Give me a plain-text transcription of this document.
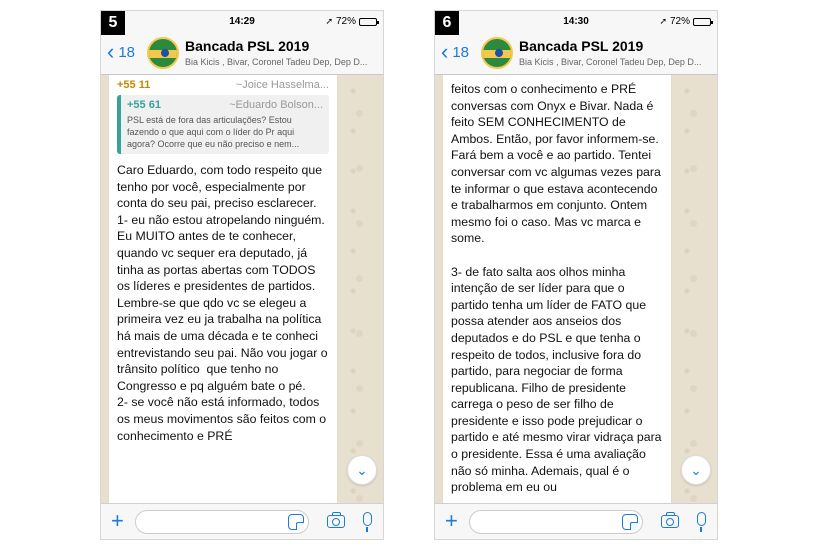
5	14:29	➚ 72%
‹ 18	Bancada PSL 2019
Bia Kicis , Bivar, Coronel Tadeu Dep, Dep D...
+55 11	~Joice Hasselma...
+55 61	~Eduardo Bolson...
PSL está de fora das articulações? Estou fazendo o que aqui com o líder do Pr aqui agora? Ocorre que eu não preciso e nem...
Caro Eduardo, com todo respeito que tenho por você, especialmente por conta do seu pai, preciso esclarecer.
1- eu não estou atropelando ninguém. Eu MUITO antes de te conhecer, quando vc sequer era deputado, já tinha as portas abertas com TODOS os líderes e presidentes de partidos. Lembre-se que qdo vc se elegeu a primeira vez eu ja trabalha na política há mais de uma década e te conheci entrevistando seu pai. Não vou jogar o trânsito político  que tenho no Congresso e pq alguém bate o pé.
2- se você não está informado, todos os meus movimentos são feitos com o conhecimento e PRÉ
⌄
+
6	14:30	➚ 72%
‹ 18	Bancada PSL 2019
Bia Kicis , Bivar, Coronel Tadeu Dep, Dep D...
feitos com o conhecimento e PRÉ conversas com Onyx e Bivar. Nada é feito SEM CONHECIMENTO de Ambos. Então, por favor informem-se. Fará bem a você e ao partido. Tentei conversar com vc algumas vezes para te informar o que estava acontecendo e trabalharmos em conjunto. Ontem mesmo foi o caso. Mas vc marca e some.

3- de fato salta aos olhos minha intenção de ser líder para que o partido tenha um líder de FATO que possa atender aos anseios dos deputados e do PSL e que tenha o respeito de todos, inclusive fora do partido, para negociar de forma republicana. Filho de presidente carrega o peso de ser filho de presidente e isso pode prejudicar o partido e até mesmo virar vidraça para o presidente. Essa é uma avaliação não só minha. Ademais, qual é o problema em eu ou
⌄
+
